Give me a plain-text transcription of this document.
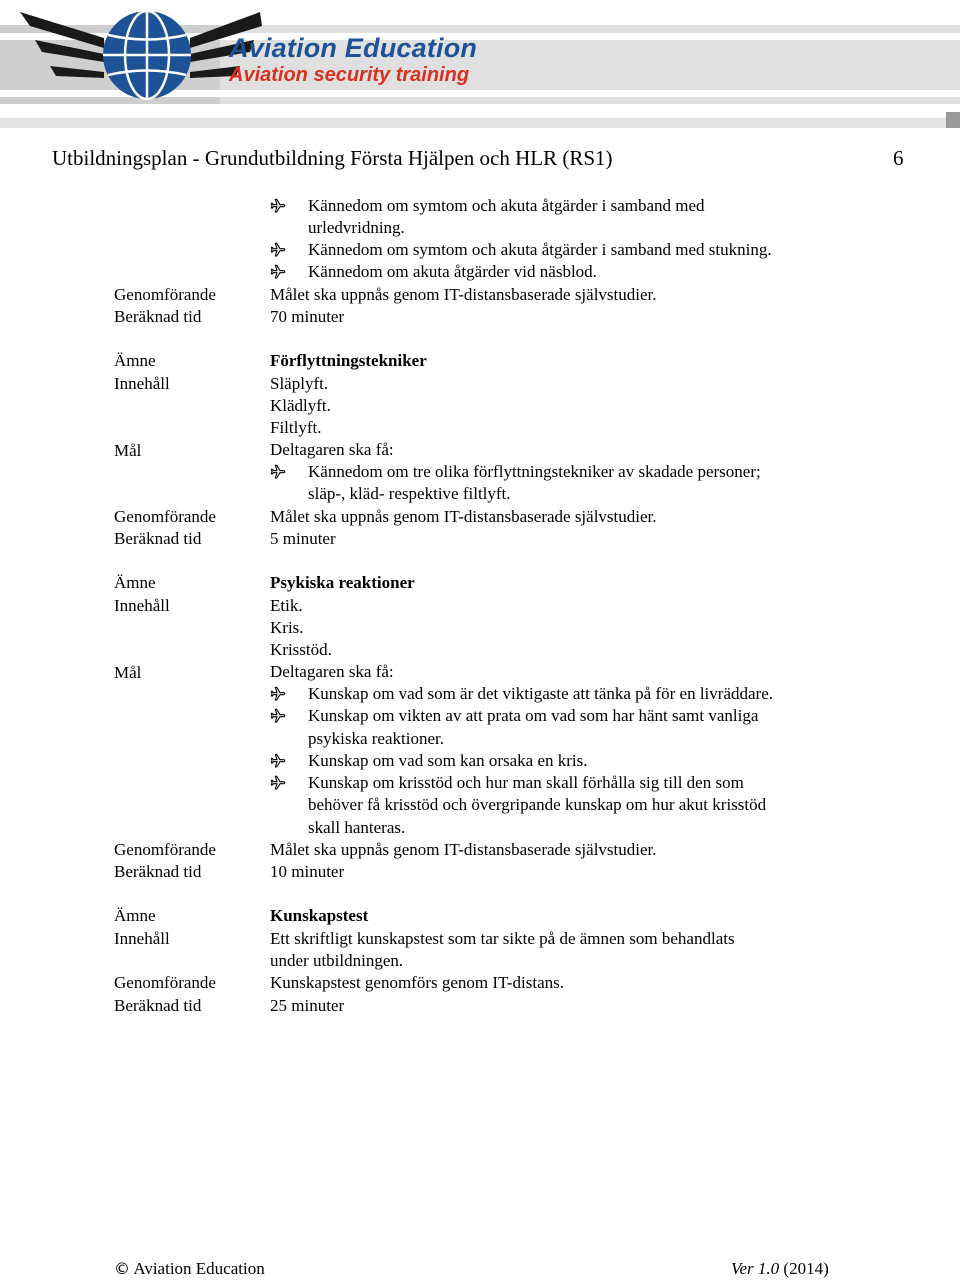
Aviation Education
Aviation security training
Utbildningsplan - Grundutbildning Första Hjälpen och HLR (RS1)	6
Kännedom om symtom och akuta åtgärder i samband med
urledvridning.
Kännedom om symtom och akuta åtgärder i samband med stukning.
Kännedom om akuta åtgärder vid näsblod.
Genomförande	Målet ska uppnås genom IT-distansbaserade självstudier.
Beräknad tid	70 minuter
Ämne	Förflyttningstekniker
Innehåll	Släplyft.
Klädlyft.
Filtlyft.
Mål	Deltagaren ska få:
Kännedom om tre olika förflyttningstekniker av skadade personer;
släp-, kläd- respektive filtlyft.
Genomförande	Målet ska uppnås genom IT-distansbaserade självstudier.
Beräknad tid	5 minuter
Ämne	Psykiska reaktioner
Innehåll	Etik.
Kris.
Krisstöd.
Mål	Deltagaren ska få:
Kunskap om vad som är det viktigaste att tänka på för en livräddare.
Kunskap om vikten av att prata om vad som har hänt samt vanliga
psykiska reaktioner.
Kunskap om vad som kan orsaka en kris.
Kunskap om krisstöd och hur man skall förhålla sig till den som
behöver få krisstöd och övergripande kunskap om hur akut krisstöd
skall hanteras.
Genomförande	Målet ska uppnås genom IT-distansbaserade självstudier.
Beräknad tid	10 minuter
Ämne	Kunskapstest
Innehåll	Ett skriftligt kunskapstest som tar sikte på de ämnen som behandlats
under utbildningen.
Genomförande	Kunskapstest genomförs genom IT-distans.
Beräknad tid	25 minuter
© Aviation Education	Ver 1.0 (2014)
